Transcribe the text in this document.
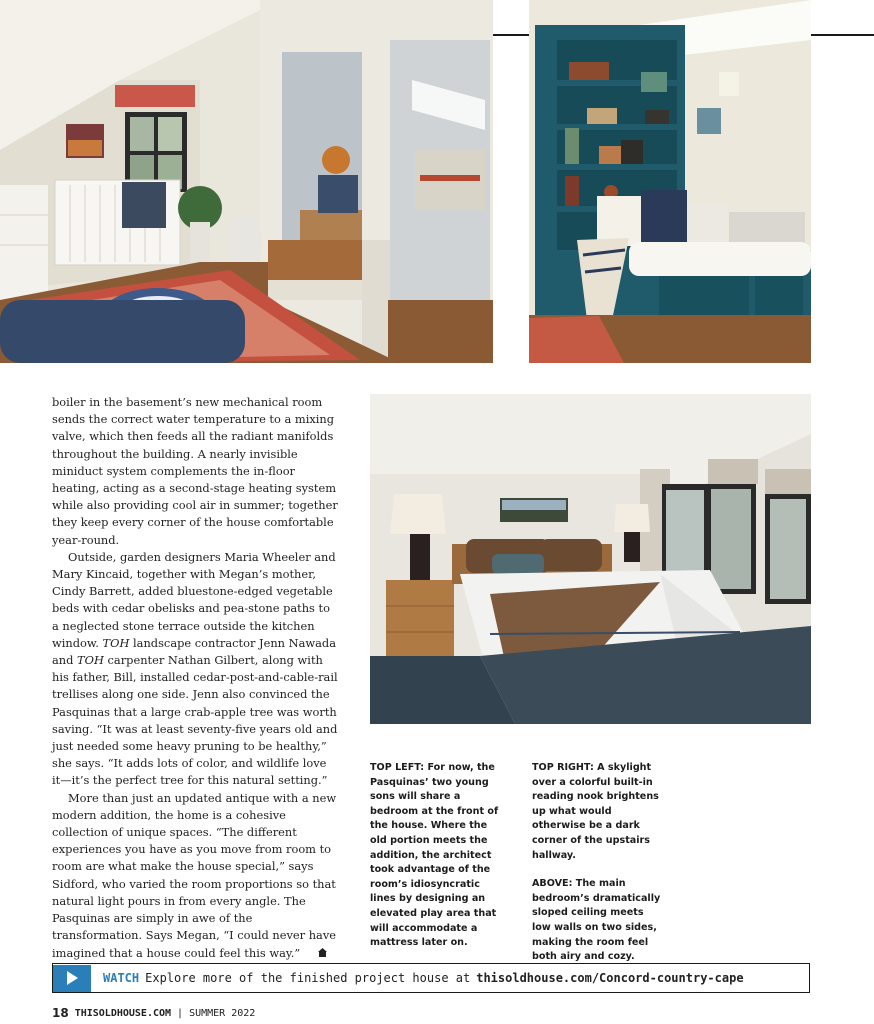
boiler in the basement’s new mechanical room sends the correct water temperature to a mixing valve, which then feeds all the radiant manifolds throughout the building. A nearly invisible miniduct system complements the in-floor heating, acting as a second-stage heating system while also providing cool air in summer; together they keep every corner of the house comfortable year-round.

Outside, garden designers Maria Wheeler and Mary Kincaid, together with Megan’s mother, Cindy Barrett, added bluestone-edged vegetable beds with cedar obelisks and pea-stone paths to a neglected stone terrace outside the kitchen window. TOH landscape contractor Jenn Nawada and TOH carpenter Nathan Gilbert, along with his father, Bill, installed cedar-post-and-cable-rail trellises along one side. Jenn also convinced the Pasquinas that a large crab-apple tree was worth saving. “It was at least seventy-five years old and just needed some heavy pruning to be healthy,” she says. “It adds lots of color, and wildlife love it—it’s the perfect tree for this natural setting.”

More than just an updated antique with a new modern addition, the home is a cohesive collection of unique spaces. “The different experiences you have as you move from room to room are what make the house special,” says Sidford, who varied the room proportions so that natural light pours in from every angle. The Pasquinas are simply in awe of the transformation. Says Megan, “I could never have imagined that a house could feel this way.”

TOP LEFT: For now, the Pasquinas’ two young sons will share a bedroom at the front of the house. Where the old portion meets the addition, the architect took advantage of the room’s idiosyncratic lines by designing an elevated play area that will accommodate a mattress later on.

TOP RIGHT: A skylight over a colorful built-in reading nook brightens up what would otherwise be a dark corner of the upstairs hallway.

ABOVE: The main bedroom’s dramatically sloped ceiling meets low walls on two sides, making the room feel both airy and cozy.

WATCH Explore more of the finished project house at thisoldhouse.com/Concord-country-cape
18 THISOLDHOUSE.COM | SUMMER 2022
